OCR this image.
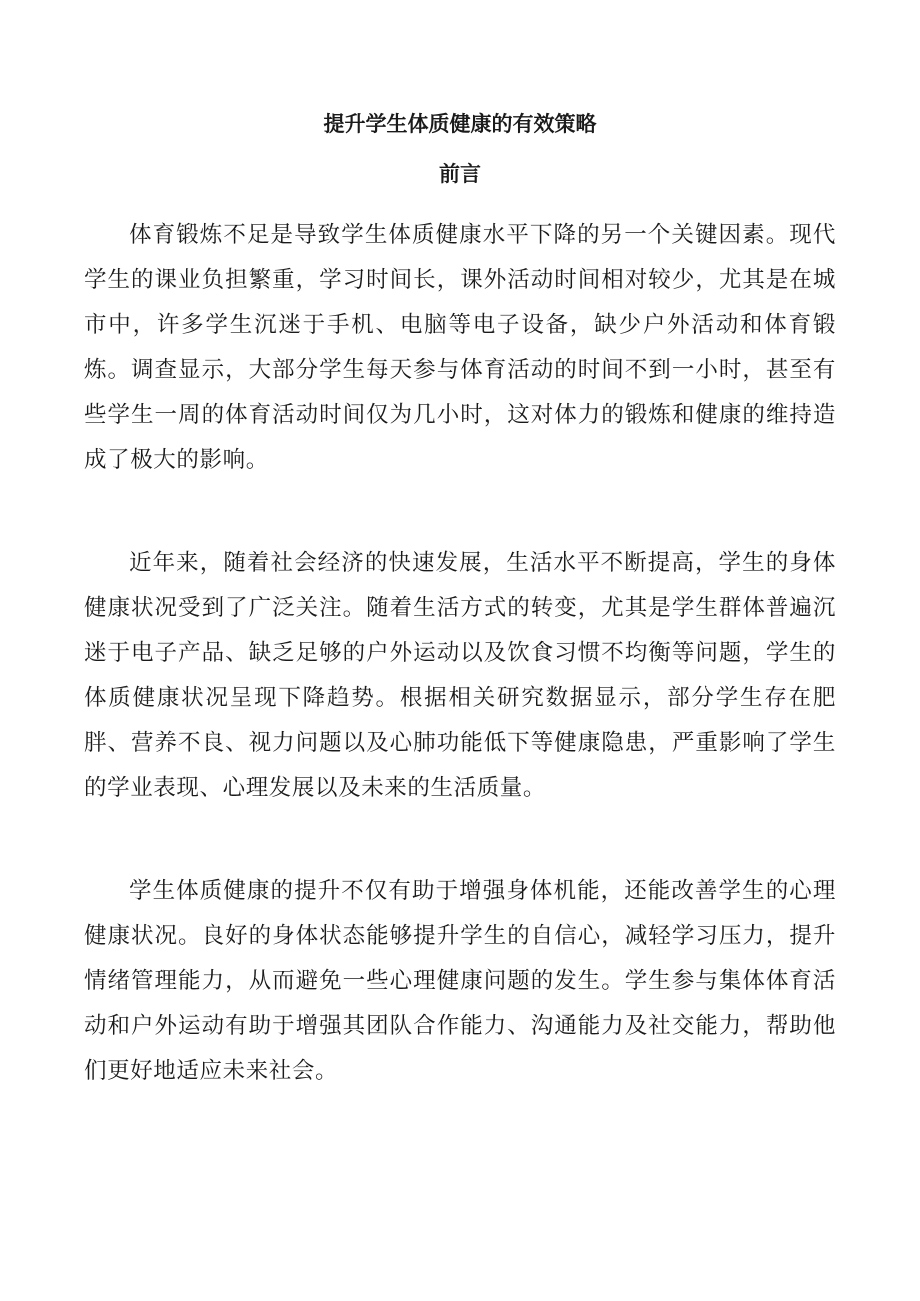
提升学生体质健康的有效策略
前言

体育锻炼不足是导致学生体质健康水平下降的另一个关键因素。现代学生的课业负担繁重，学习时间长，课外活动时间相对较少，尤其是在城市中，许多学生沉迷于手机、电脑等电子设备，缺少户外活动和体育锻炼。调查显示，大部分学生每天参与体育活动的时间不到一小时，甚至有些学生一周的体育活动时间仅为几小时，这对体力的锻炼和健康的维持造成了极大的影响。

近年来，随着社会经济的快速发展，生活水平不断提高，学生的身体健康状况受到了广泛关注。随着生活方式的转变，尤其是学生群体普遍沉迷于电子产品、缺乏足够的户外运动以及饮食习惯不均衡等问题，学生的体质健康状况呈现下降趋势。根据相关研究数据显示，部分学生存在肥胖、营养不良、视力问题以及心肺功能低下等健康隐患，严重影响了学生的学业表现、心理发展以及未来的生活质量。

学生体质健康的提升不仅有助于增强身体机能，还能改善学生的心理健康状况。良好的身体状态能够提升学生的自信心，减轻学习压力，提升情绪管理能力，从而避免一些心理健康问题的发生。学生参与集体体育活动和户外运动有助于增强其团队合作能力、沟通能力及社交能力，帮助他们更好地适应未来社会。
